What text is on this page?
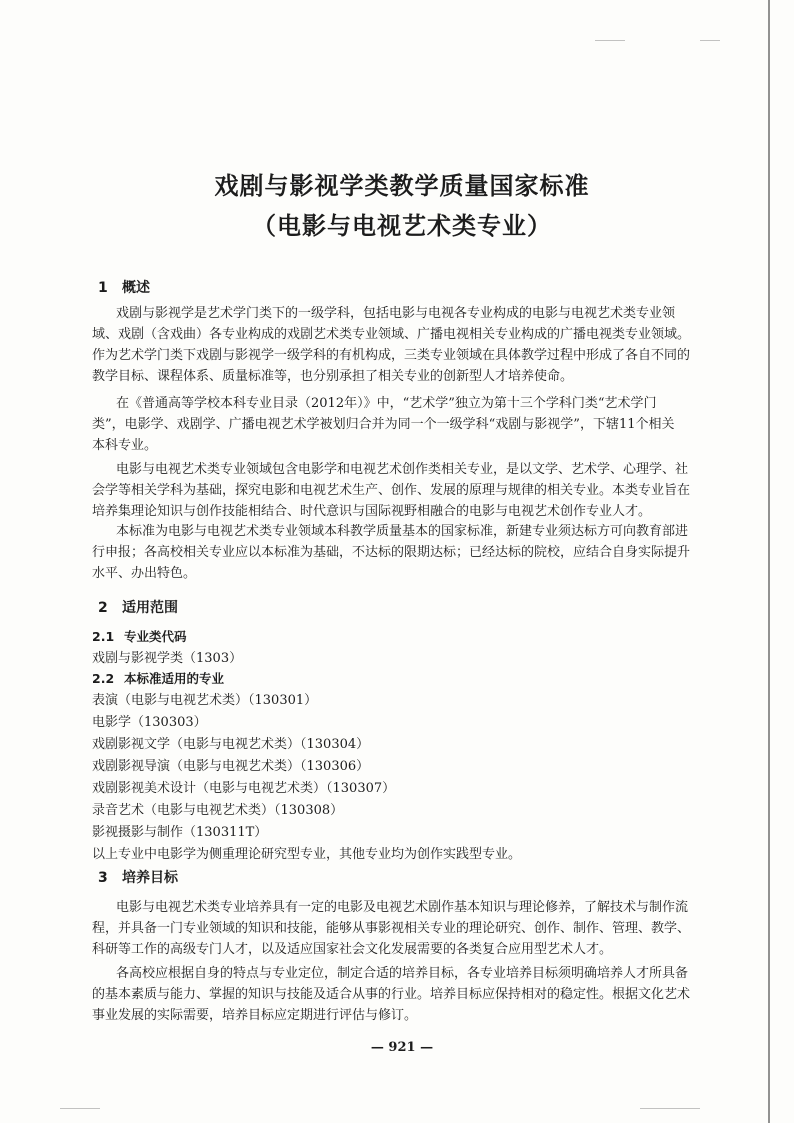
戏剧与影视学类教学质量国家标准
（电影与电视艺术类专业）
1 概述

戏剧与影视学是艺术学门类下的一级学科，包括电影与电视各专业构成的电影与电视艺术类专业领
域、戏剧（含戏曲）各专业构成的戏剧艺术类专业领域、广播电视相关专业构成的广播电视类专业领域。
作为艺术学门类下戏剧与影视学一级学科的有机构成，三类专业领域在具体教学过程中形成了各自不同的
教学目标、课程体系、质量标准等，也分别承担了相关专业的创新型人才培养使命。

在《普通高等学校本科专业目录（2012年）》中，“艺术学”独立为第十三个学科门类“艺术学门
类”，电影学、戏剧学、广播电视艺术学被划归合并为同一个一级学科“戏剧与影视学”，下辖11个相关
本科专业。

电影与电视艺术类专业领域包含电影学和电视艺术创作类相关专业，是以文学、艺术学、心理学、社
会学等相关学科为基础，探究电影和电视艺术生产、创作、发展的原理与规律的相关专业。本类专业旨在
培养集理论知识与创作技能相结合、时代意识与国际视野相融合的电影与电视艺术创作专业人才。

本标准为电影与电视艺术类专业领域本科教学质量基本的国家标准，新建专业须达标方可向教育部进
行申报；各高校相关专业应以本标准为基础，不达标的限期达标；已经达标的院校，应结合自身实际提升
水平、办出特色。

2 适用范围
2.1 专业类代码
戏剧与影视学类（1303）
2.2 本标准适用的专业
表演（电影与电视艺术类）（130301）
电影学（130303）
戏剧影视文学（电影与电视艺术类）（130304）
戏剧影视导演（电影与电视艺术类）（130306）
戏剧影视美术设计（电影与电视艺术类）（130307）
录音艺术（电影与电视艺术类）（130308）
影视摄影与制作（130311T）
以上专业中电影学为侧重理论研究型专业，其他专业均为创作实践型专业。
3 培养目标

电影与电视艺术类专业培养具有一定的电影及电视艺术剧作基本知识与理论修养，了解技术与制作流
程，并具备一门专业领域的知识和技能，能够从事影视相关专业的理论研究、创作、制作、管理、教学、
科研等工作的高级专门人才，以及适应国家社会文化发展需要的各类复合应用型艺术人才。

各高校应根据自身的特点与专业定位，制定合适的培养目标，各专业培养目标须明确培养人才所具备
的基本素质与能力、掌握的知识与技能及适合从事的行业。培养目标应保持相对的稳定性。根据文化艺术
事业发展的实际需要，培养目标应定期进行评估与修订。

— 921 —
